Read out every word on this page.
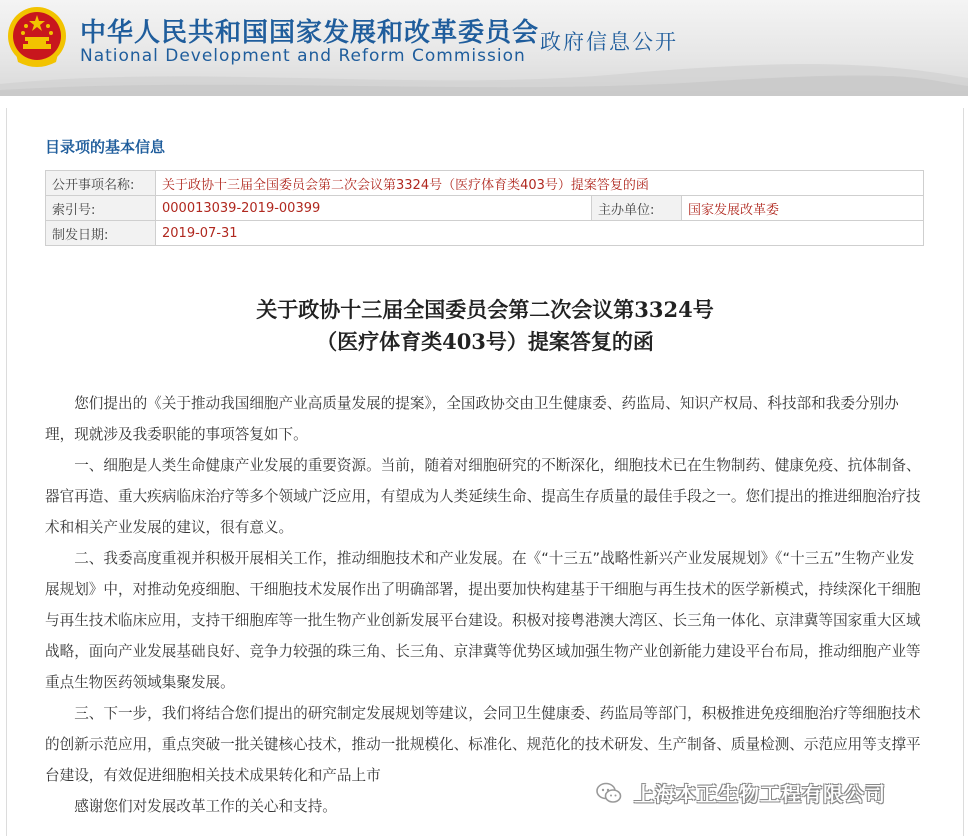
中华人民共和国国家发展和改革委员会
National Development and Reform Commission
政府信息公开
目录项的基本信息
公开事项名称:	关于政协十三届全国委员会第二次会议第3324号（医疗体育类403号）提案答复的函		
索引号:	000013039-2019-00399	主办单位:	国家发展改革委
制发日期:	2019-07-31		
关于政协十三届全国委员会第二次会议第3324号
（医疗体育类403号）提案答复的函

您们提出的《关于推动我国细胞产业高质量发展的提案》，全国政协交由卫生健康委、药监局、知识产权局、科技部和我委分别办理，现就涉及我委职能的事项答复如下。

一、细胞是人类生命健康产业发展的重要资源。当前，随着对细胞研究的不断深化，细胞技术已在生物制药、健康免疫、抗体制备、器官再造、重大疾病临床治疗等多个领域广泛应用，有望成为人类延续生命、提高生存质量的最佳手段之一。您们提出的推进细胞治疗技术和相关产业发展的建议，很有意义。

二、我委高度重视并积极开展相关工作，推动细胞技术和产业发展。在《“十三五”战略性新兴产业发展规划》《“十三五”生物产业发展规划》中，对推动免疫细胞、干细胞技术发展作出了明确部署，提出要加快构建基于干细胞与再生技术的医学新模式，持续深化干细胞与再生技术临床应用，支持干细胞库等一批生物产业创新发展平台建设。积极对接粤港澳大湾区、长三角一体化、京津冀等国家重大区域战略，面向产业发展基础良好、竞争力较强的珠三角、长三角、京津冀等优势区域加强生物产业创新能力建设平台布局，推动细胞产业等重点生物医药领域集聚发展。

三、下一步，我们将结合您们提出的研究制定发展规划等建议，会同卫生健康委、药监局等部门，积极推进免疫细胞治疗等细胞技术的创新示范应用，重点突破一批关键核心技术，推动一批规模化、标准化、规范化的技术研发、生产制备、质量检测、示范应用等支撑平台建设，有效促进细胞相关技术成果转化和产品上市

感谢您们对发展改革工作的关心和支持。

上海本正生物工程有限公司
